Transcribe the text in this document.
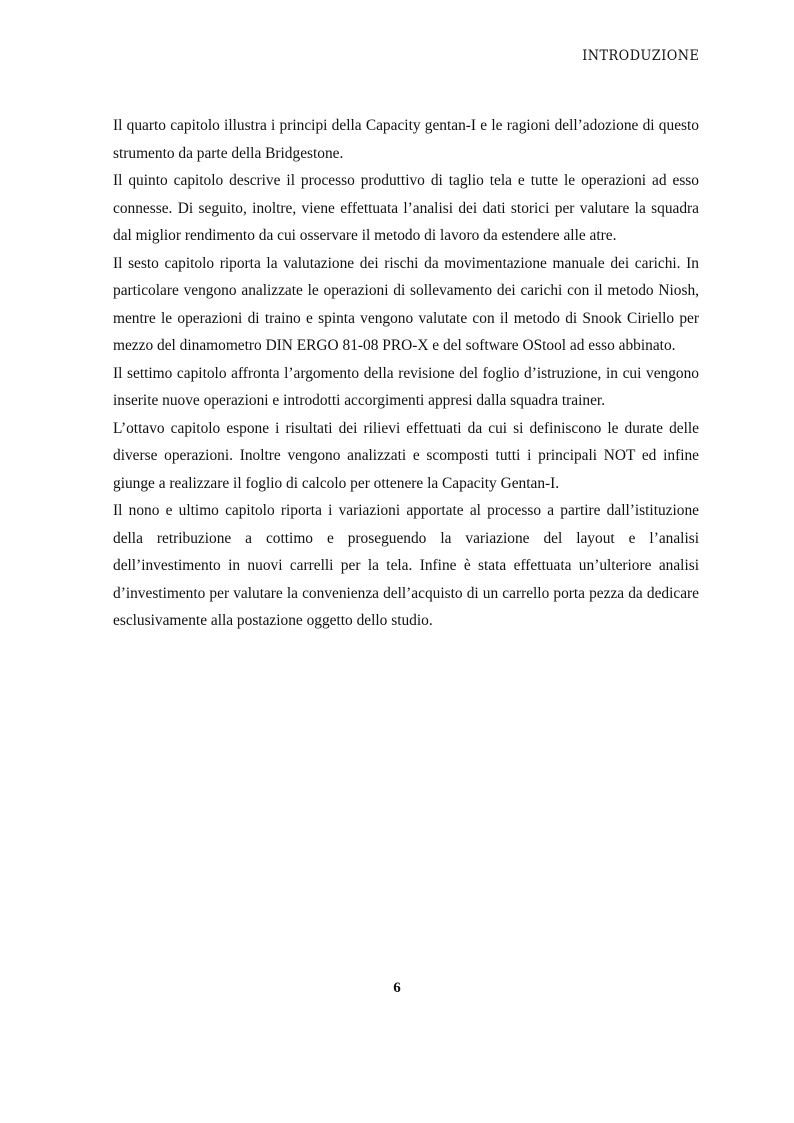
INTRODUZIONE

Il quarto capitolo illustra i principi della Capacity gentan-I e le ragioni dell’adozione di questo strumento da parte della Bridgestone.

Il quinto capitolo descrive il processo produttivo di taglio tela e tutte le operazioni ad esso connesse. Di seguito, inoltre, viene effettuata l’analisi dei dati storici per valutare la squadra dal miglior rendimento da cui osservare il metodo di lavoro da estendere alle atre.

Il sesto capitolo riporta la valutazione dei rischi da movimentazione manuale dei carichi. In particolare vengono analizzate le operazioni di sollevamento dei carichi con il metodo Niosh, mentre le operazioni di traino e spinta vengono valutate con il metodo di Snook Ciriello per mezzo del dinamometro DIN ERGO 81-08 PRO-X e del software OStool ad esso abbinato.

Il settimo capitolo affronta l’argomento della revisione del foglio d’istruzione, in cui vengono inserite nuove operazioni e introdotti accorgimenti appresi dalla squadra trainer.

L’ottavo capitolo espone i risultati dei rilievi effettuati da cui si definiscono le durate delle diverse operazioni. Inoltre vengono analizzati e scomposti tutti i principali NOT ed infine giunge a realizzare il foglio di calcolo per ottenere la Capacity Gentan-I.

Il nono e ultimo capitolo riporta i variazioni apportate al processo a partire dall’istituzione della retribuzione a cottimo e proseguendo la variazione del layout e l’analisi dell’investimento in nuovi carrelli per la tela. Infine è stata effettuata un’ulteriore analisi d’investimento per valutare la convenienza dell’acquisto di un carrello porta pezza da dedicare esclusivamente alla postazione oggetto dello studio.

6
